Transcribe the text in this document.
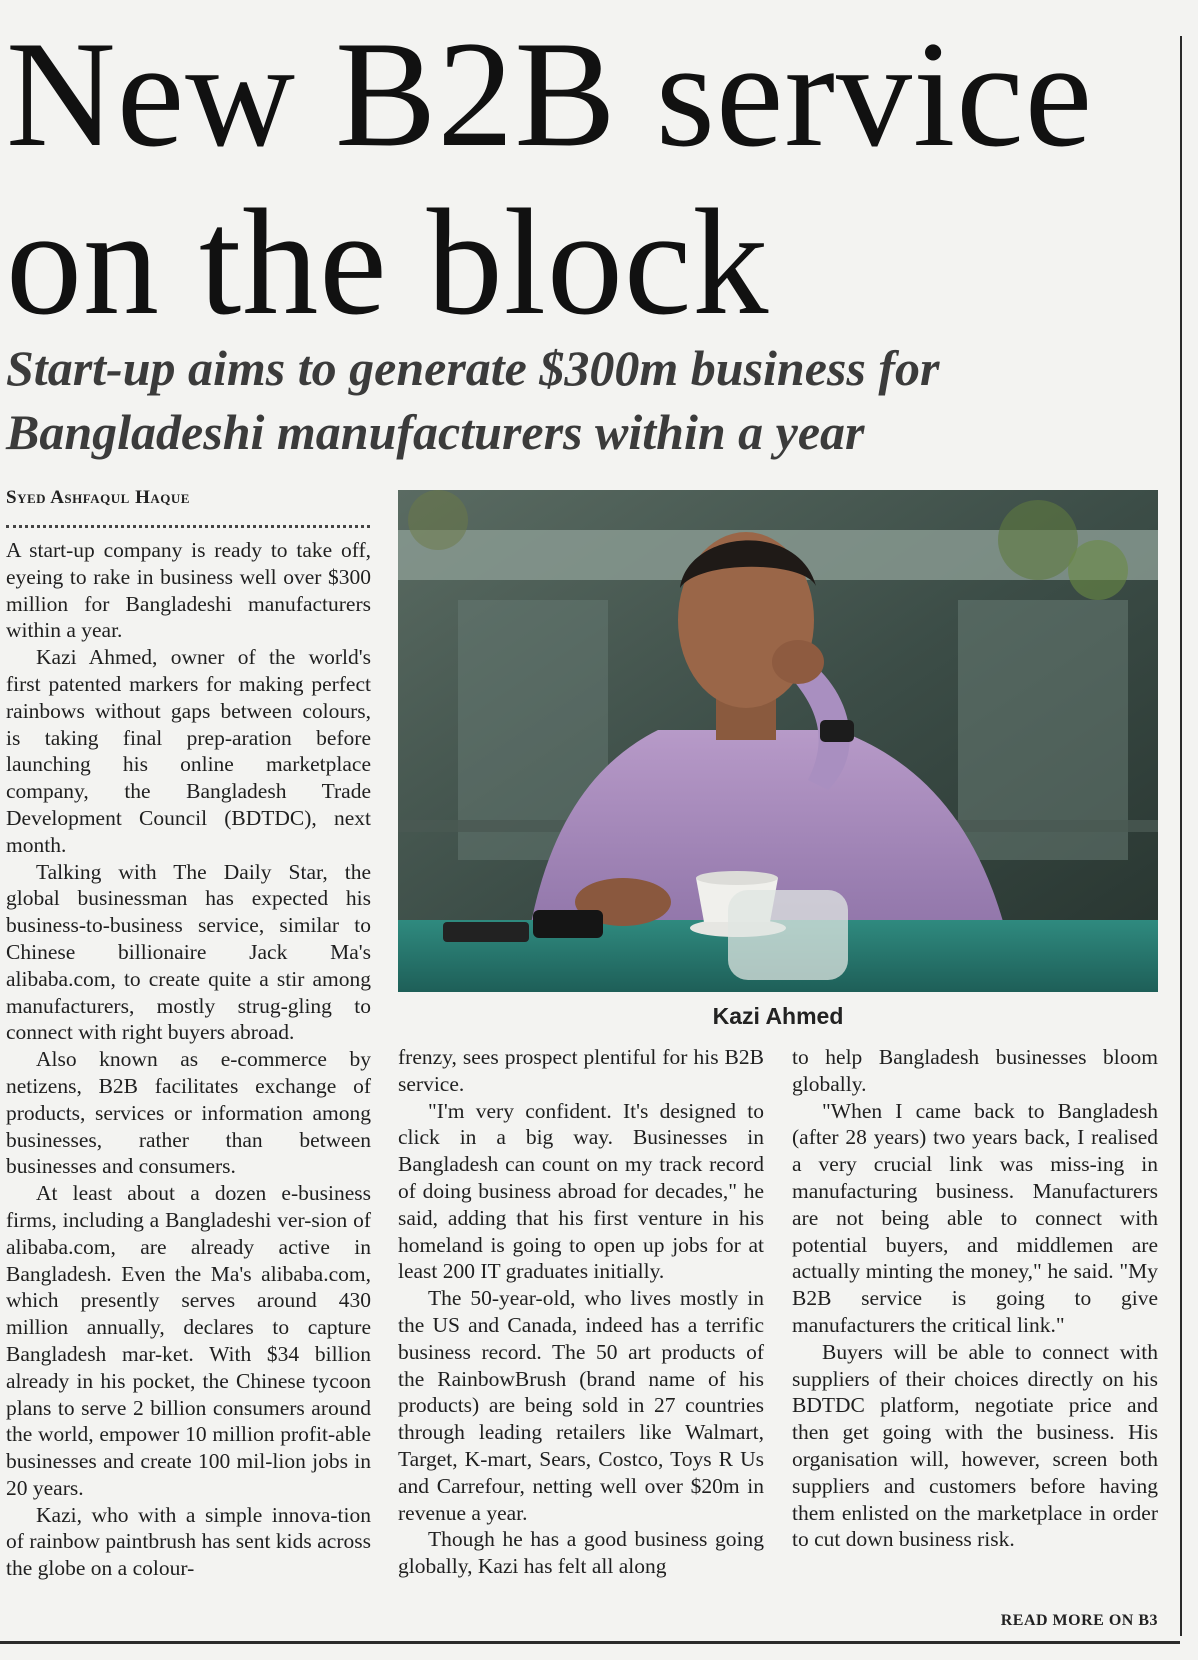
New B2B service
on the block
Start-up aims to generate $300m business for
Bangladeshi manufacturers within a year
Syed Ashfaqul Haque

A start-up company is ready to take off, eyeing to rake in business well over $300 million for Bangladeshi manufacturers within a year.

Kazi Ahmed, owner of the world's first patented markers for making perfect rainbows without gaps between colours, is taking final prep-aration before launching his online marketplace company, the Bangladesh Trade Development Council (BDTDC), next month.

Talking with The Daily Star, the global businessman has expected his business-to-business service, similar to Chinese billionaire Jack Ma's alibaba.com, to create quite a stir among manufacturers, mostly strug-gling to connect with right buyers abroad.

Also known as e-commerce by netizens, B2B facilitates exchange of products, services or information among businesses, rather than between businesses and consumers.

At least about a dozen e-business firms, including a Bangladeshi ver-sion of alibaba.com, are already active in Bangladesh. Even the Ma's alibaba.com, which presently serves around 430 million annually, declares to capture Bangladesh mar-ket. With $34 billion already in his pocket, the Chinese tycoon plans to serve 2 billion consumers around the world, empower 10 million profit-able businesses and create 100 mil-lion jobs in 20 years.

Kazi, who with a simple innova-tion of rainbow paintbrush has sent kids across the globe on a colour-

Kazi Ahmed

frenzy, sees prospect plentiful for his B2B service.

"I'm very confident. It's designed to click in a big way. Businesses in Bangladesh can count on my track record of doing business abroad for decades," he said, adding that his first venture in his homeland is going to open up jobs for at least 200 IT graduates initially.

The 50-year-old, who lives mostly in the US and Canada, indeed has a terrific business record. The 50 art products of the RainbowBrush (brand name of his products) are being sold in 27 countries through leading retailers like Walmart, Target, K-mart, Sears, Costco, Toys R Us and Carrefour, netting well over $20m in revenue a year.

Though he has a good business going globally, Kazi has felt all along

to help Bangladesh businesses bloom globally.

"When I came back to Bangladesh (after 28 years) two years back, I realised a very crucial link was miss-ing in manufacturing business. Manufacturers are not being able to connect with potential buyers, and middlemen are actually minting the money," he said. "My B2B service is going to give manufacturers the critical link."

Buyers will be able to connect with suppliers of their choices directly on his BDTDC platform, negotiate price and then get going with the business. His organisation will, however, screen both suppliers and customers before having them enlisted on the marketplace in order to cut down business risk.

READ MORE ON B3
